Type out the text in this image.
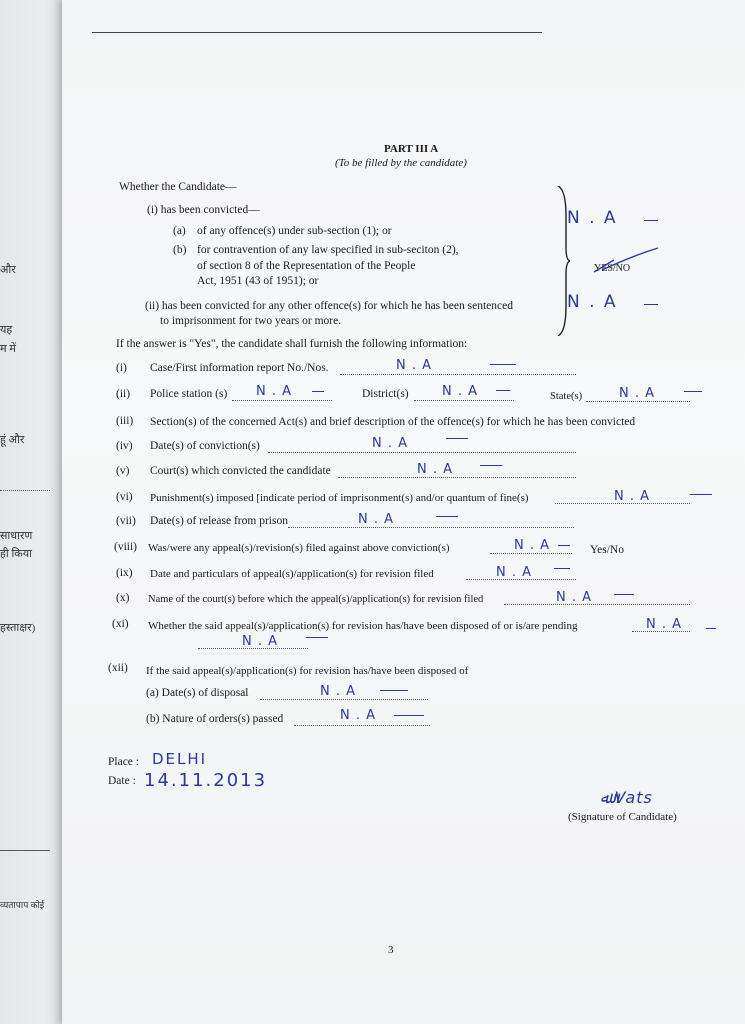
और
यह
म में
हूं और
साधारण
ही किया
हस्ताक्षर)
व्यतापाप कोई
PART III A
(To be filled by the candidate)
Whether the Candidate—
(i) has been convicted—
(a) of any offence(s) under sub-section (1); or
(b) for contravention of any law specified in sub-seciton (2),
of section 8 of the Representation of the People
Act, 1951 (43 of 1951); or
(ii) has been convicted for any other offence(s) for which he has been sentenced
to imprisonment for two years or more.
N . A
YES/NO
N . A
If the answer is "Yes", the candidate shall furnish the following information:
(i) Case/First information report No./Nos.	N . A
(ii) Police station (s) N . A	District(s)	N . A	State(s)	N . A
(iii) Section(s) of the concerned Act(s) and brief description of the offence(s) for which he has been convicted
(iv) Date(s) of conviction(s)	N . A
(v) Court(s) which convicted the candidate	N . A
(vi) Punishment(s) imposed [indicate period of imprisonment(s) and/or quantum of fine(s)	N . A
(vii) Date(s) of release from prison	N . A
(viii) Was/were any appeal(s)/revision(s) filed against above conviction(s)	N . A	Yes/No
(ix) Date and particulars of appeal(s)/application(s) for revision filed	N . A
(x) Name of the court(s) before which the appeal(s)/application(s) for revision filed	N . A
(xi) Whether the said appeal(s)/application(s) for revision has/have been disposed of or is/are pending	N . A
N . A
(xii) If the said appeal(s)/application(s) for revision has/have been disposed of
(a) Date(s) of disposal	N . A
(b) Nature of orders(s) passed	N . A
Place : DELHI
Date : 14.11.2013
ﷲ Vats
(Signature of Candidate)
3
